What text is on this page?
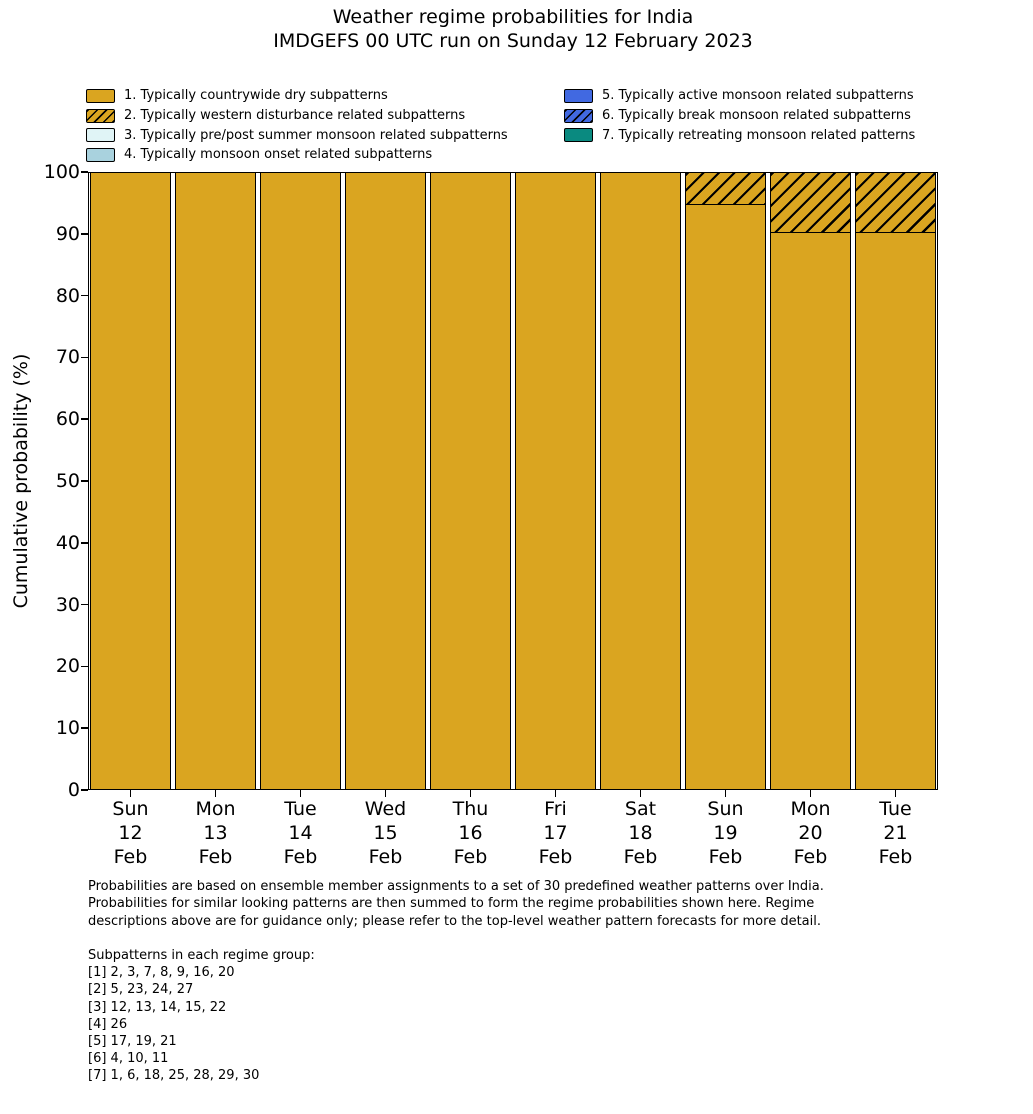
Weather regime probabilities for India
IMDGEFS 00 UTC run on Sunday 12 February 2023
1. Typically countrywide dry subpatterns
2. Typically western disturbance related subpatterns
3. Typically pre/post summer monsoon related subpatterns
4. Typically monsoon onset related subpatterns
5. Typically active monsoon related subpatterns
6. Typically break monsoon related subpatterns
7. Typically retreating monsoon related patterns
Cumulative probability (%)
0
10
20
30
40
50
60
70
80
90
100
Sun
12
Feb
Mon
13
Feb
Tue
14
Feb
Wed
15
Feb
Thu
16
Feb
Fri
17
Feb
Sat
18
Feb
Sun
19
Feb
Mon
20
Feb
Tue
21
Feb
Probabilities are based on ensemble member assignments to a set of 30 predefined weather patterns over India.
Probabilities for similar looking patterns are then summed to form the regime probabilities shown here. Regime
descriptions above are for guidance only; please refer to the top-level weather pattern forecasts for more detail.
Subpatterns in each regime group:
[1] 2, 3, 7, 8, 9, 16, 20
[2] 5, 23, 24, 27
[3] 12, 13, 14, 15, 22
[4] 26
[5] 17, 19, 21
[6] 4, 10, 11
[7] 1, 6, 18, 25, 28, 29, 30
